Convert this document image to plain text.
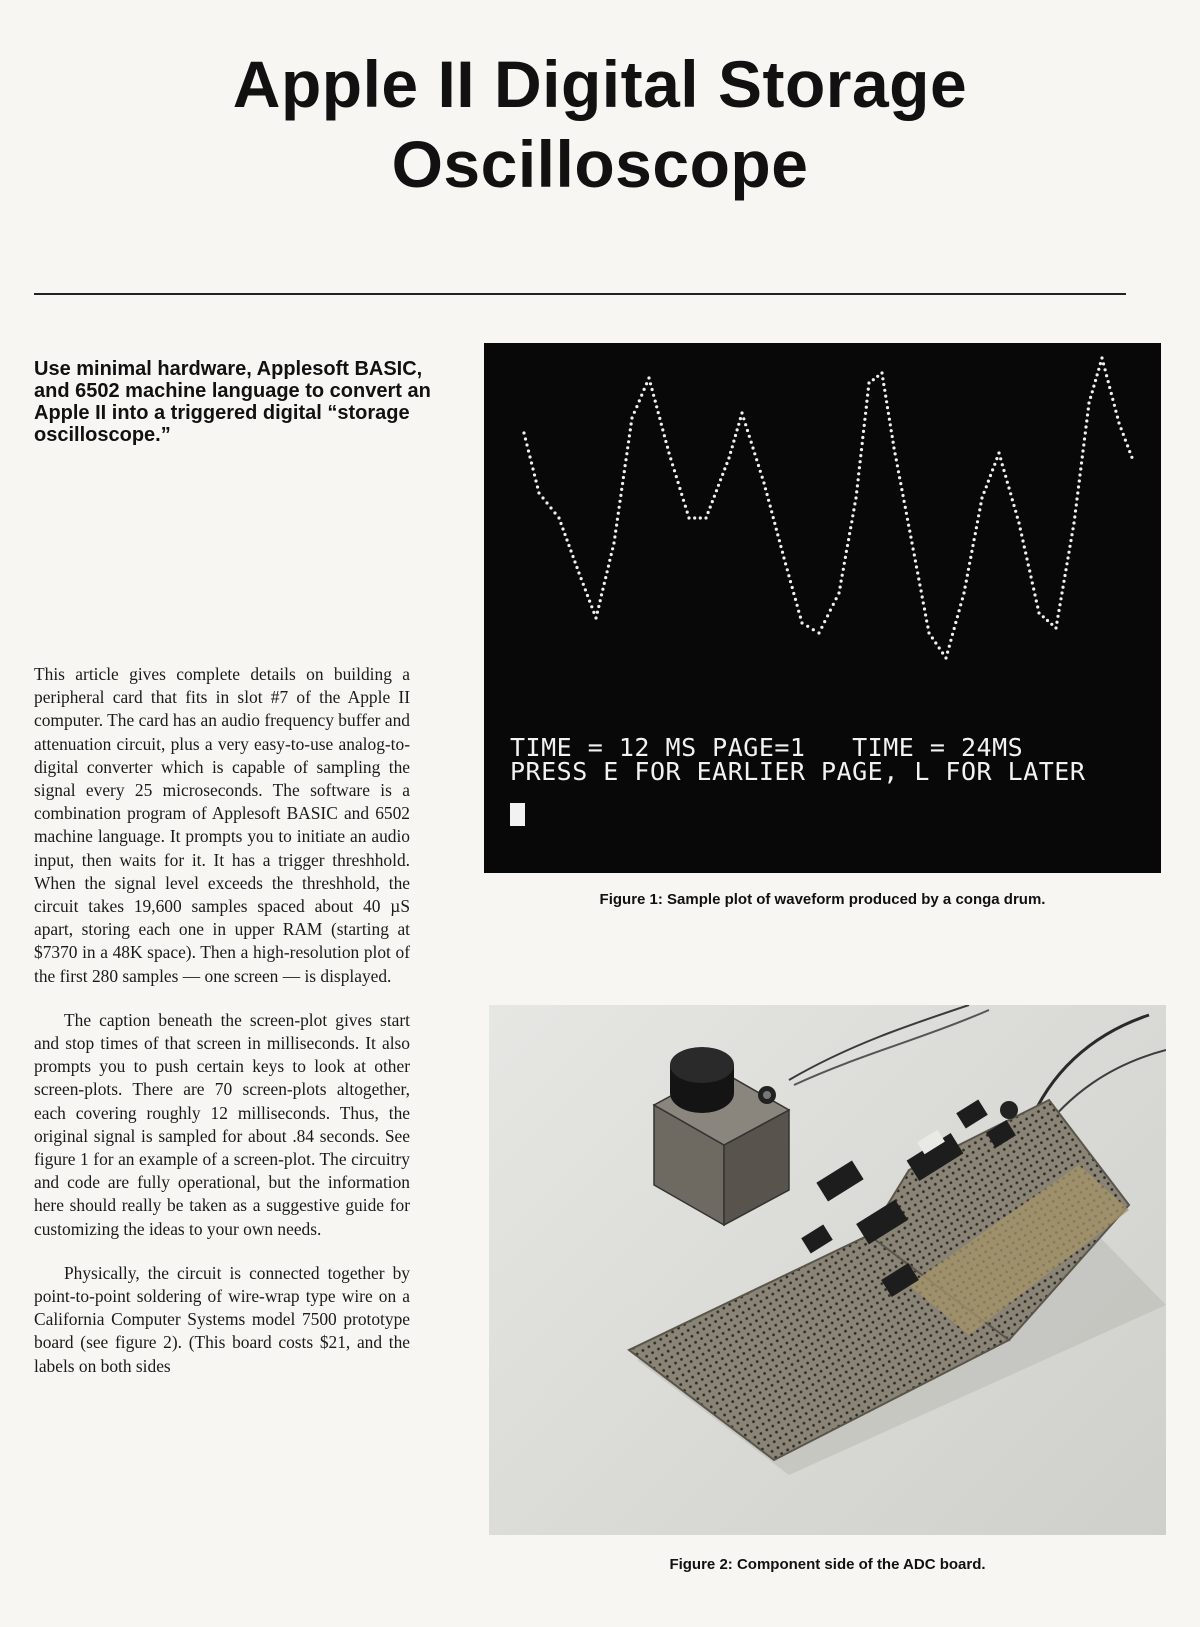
Apple II Digital Storage
Oscilloscope
Use minimal hardware, Applesoft BASIC, and 6502 machine language to convert an Apple II into a triggered digital “storage oscilloscope.”

This article gives complete details on building a peripheral card that fits in slot #7 of the Apple II computer. The card has an audio frequency buffer and attenuation circuit, plus a very easy-to-use analog-to-digital converter which is capable of sampling the signal every 25 microseconds. The software is a combination program of Applesoft BASIC and 6502 machine language. It prompts you to initiate an audio input, then waits for it. It has a trigger threshhold. When the signal level exceeds the threshhold, the circuit takes 19,600 samples spaced about 40 µS apart, storing each one in upper RAM (starting at $7370 in a 48K space). Then a high-resolution plot of the first 280 samples — one screen — is displayed.

The caption beneath the screen-plot gives start and stop times of that screen in milliseconds. It also prompts you to push certain keys to look at other screen-plots. There are 70 screen-plots altogether, each covering roughly 12 milliseconds. Thus, the original signal is sampled for about .84 seconds. See figure 1 for an example of a screen-plot. The circuitry and code are fully operational, but the information here should really be taken as a suggestive guide for customizing the ideas to your own needs.

Physically, the circuit is connected together by point-to-point soldering of wire-wrap type wire on a California Computer Systems model 7500 prototype board (see figure 2). (This board costs $21, and the labels on both sides

TIME = 12 MS PAGE=1   TIME = 24MS
PRESS E FOR EARLIER PAGE, L FOR LATER
Figure 1: Sample plot of waveform produced by a conga drum.
Figure 2: Component side of the ADC board.
